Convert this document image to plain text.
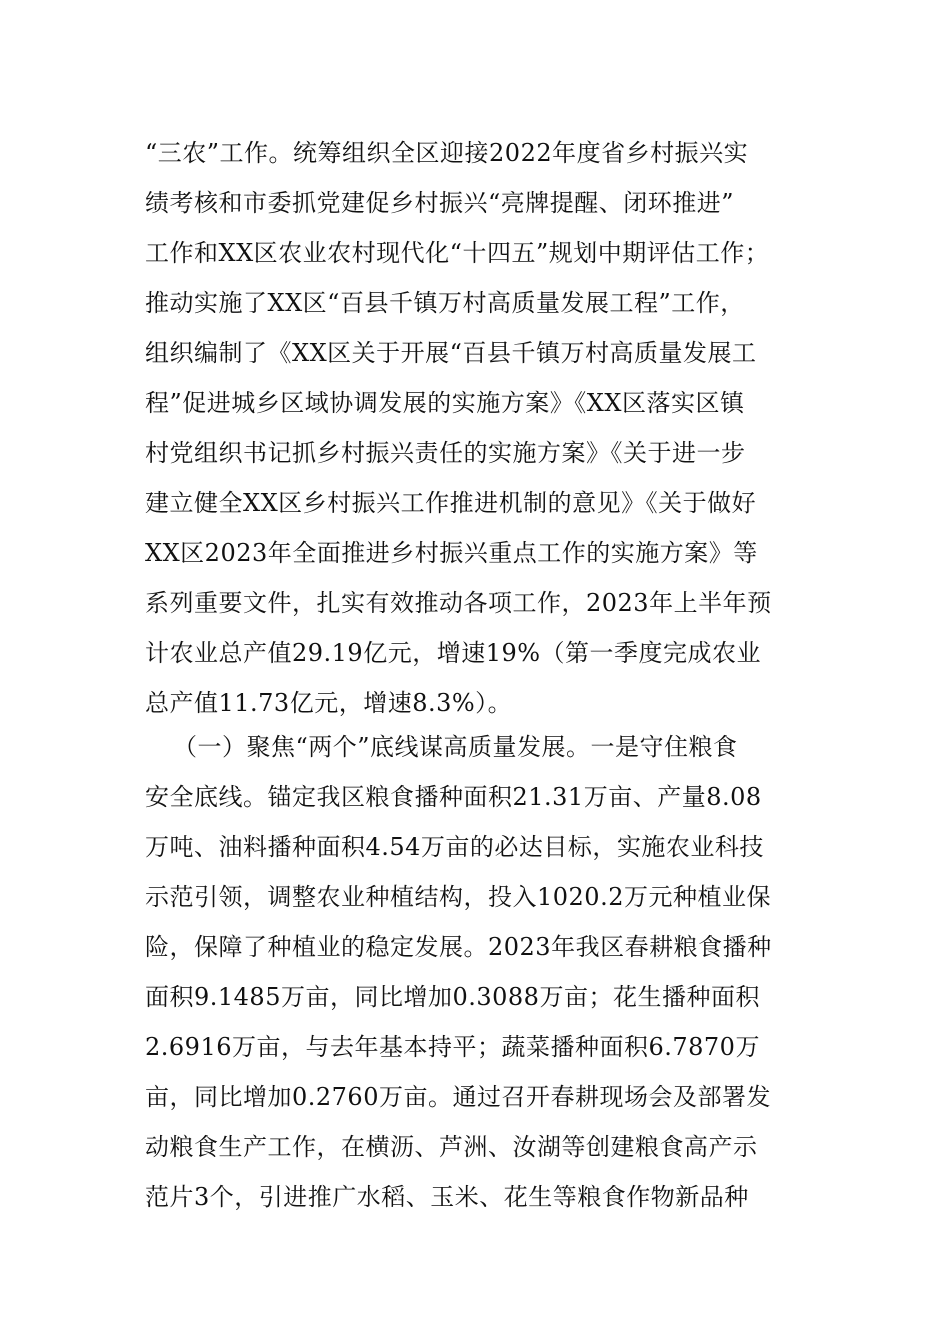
“三农”工作。统筹组织全区迎接2022年度省乡村振兴实
绩考核和市委抓党建促乡村振兴“亮牌提醒、闭环推进”
工作和XX区农业农村现代化“十四五”规划中期评估工作；
推动实施了XX区“百县千镇万村高质量发展工程”工作，
组织编制了《XX区关于开展“百县千镇万村高质量发展工
程”促进城乡区域协调发展的实施方案》《XX区落实区镇
村党组织书记抓乡村振兴责任的实施方案》《关于进一步
建立健全XX区乡村振兴工作推进机制的意见》《关于做好
XX区2023年全面推进乡村振兴重点工作的实施方案》等
系列重要文件，扎实有效推动各项工作，2023年上半年预
计农业总产值29.19亿元，增速19%（第一季度完成农业
总产值11.73亿元，增速8.3%）。
（一）聚焦“两个”底线谋高质量发展。一是守住粮食
安全底线。锚定我区粮食播种面积21.31万亩、产量8.08
万吨、油料播种面积4.54万亩的必达目标，实施农业科技
示范引领，调整农业种植结构，投入1020.2万元种植业保
险，保障了种植业的稳定发展。2023年我区春耕粮食播种
面积9.1485万亩，同比增加0.3088万亩；花生播种面积
2.6916万亩，与去年基本持平；蔬菜播种面积6.7870万
亩，同比增加0.2760万亩。通过召开春耕现场会及部署发
动粮食生产工作，在横沥、芦洲、汝湖等创建粮食高产示
范片3个，引进推广水稻、玉米、花生等粮食作物新品种
